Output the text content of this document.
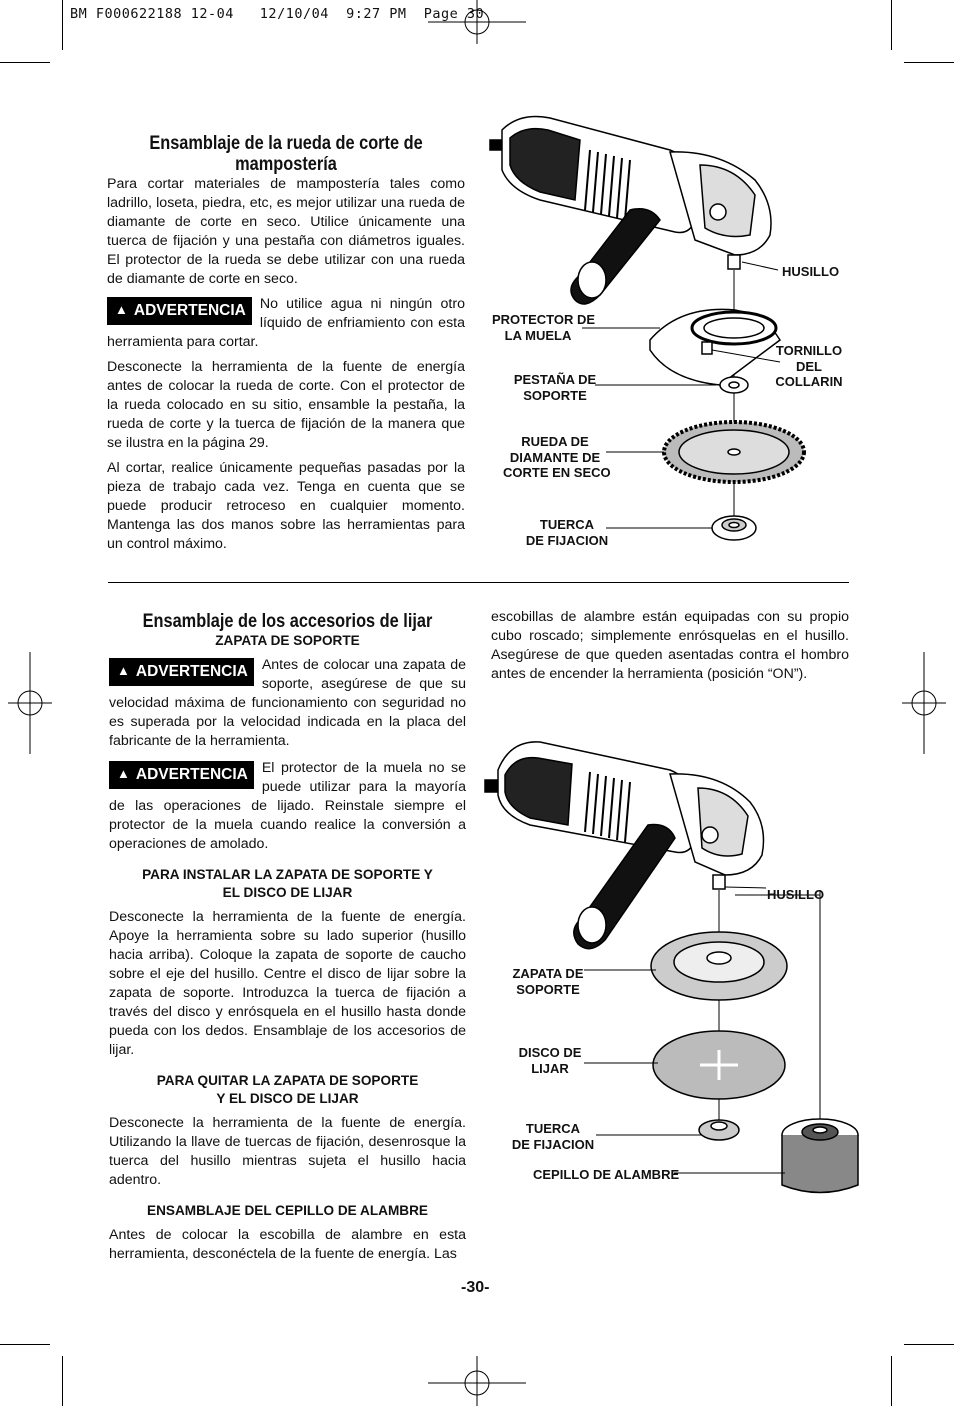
BM F000622188 12-04   12/10/04  9:27 PM  Page 30
Ensamblaje de la rueda de corte de mampostería

Para cortar materiales de mampostería tales como ladrillo, loseta, piedra, etc, es mejor utilizar una rueda de diamante de corte en seco. Utilice únicamente una tuerca de fijación y una pestaña con diámetros iguales. El protector de la rueda se debe utilizar con una rueda de diamante de corte en seco.

▲ ADVERTENCIA No utilice agua ni ningún otro líquido de enfriamiento con esta herramienta para cortar.

Desconecte la herramienta de la fuente de energía antes de colocar la rueda de corte. Con el protector de la rueda colocado en su sitio, ensamble la pestaña, la rueda de corte y la tuerca de fijación de la manera que se ilustra en la página 29.

Al cortar, realice únicamente pequeñas pasadas por la pieza de trabajo cada vez. Tenga en cuenta que se puede producir retroceso en cualquier momento. Mantenga las dos manos sobre las herramientas para un control máximo.

HUSILLO
PROTECTOR DE
LA MUELA
TORNILLO
DEL
COLLARIN
PESTAÑA DE
SOPORTE
RUEDA DE
DIAMANTE DE
CORTE EN SECO
TUERCA
DE FIJACION
Ensamblaje de los accesorios de lijar

ZAPATA DE SOPORTE

▲ ADVERTENCIA Antes de colocar una zapata de soporte, asegúrese de que su velocidad máxima de funcionamiento con seguridad no es superada por la velocidad indicada en la placa del fabricante de la herramienta.

▲ ADVERTENCIA El protector de la muela no se puede utilizar para la mayoría de las operaciones de lijado. Reinstale siempre el protector de la muela cuando realice la conversión a operaciones de amolado.

PARA INSTALAR LA ZAPATA DE SOPORTE Y
EL DISCO DE LIJAR

Desconecte la herramienta de la fuente de energía. Apoye la herramienta sobre su lado superior (husillo hacia arriba). Coloque la zapata de soporte de caucho sobre el eje del husillo. Centre el disco de lijar sobre la zapata de soporte. Introduzca la tuerca de fijación a través del disco y enrósquela en el husillo hasta donde pueda con los dedos. Ensamblaje de los accesorios de lijar.

PARA QUITAR LA ZAPATA DE SOPORTE
Y EL DISCO DE LIJAR

Desconecte la herramienta de la fuente de energía. Utilizando la llave de tuercas de fijación, desenrosque la tuerca del husillo mientras sujeta el husillo hacia adentro.

ENSAMBLAJE DEL CEPILLO DE ALAMBRE

Antes de colocar la escobilla de alambre en esta herramienta, desconéctela de la fuente de energía. Las

escobillas de alambre están equipadas con su propio cubo roscado; simplemente enrósquelas en el husillo. Asegúrese de que queden asentadas contra el hombro antes de encender la herramienta (posición “ON”).

HUSILLO
ZAPATA DE
SOPORTE
DISCO DE
LIJAR
TUERCA
DE FIJACION
CEPILLO DE ALAMBRE
-30-
